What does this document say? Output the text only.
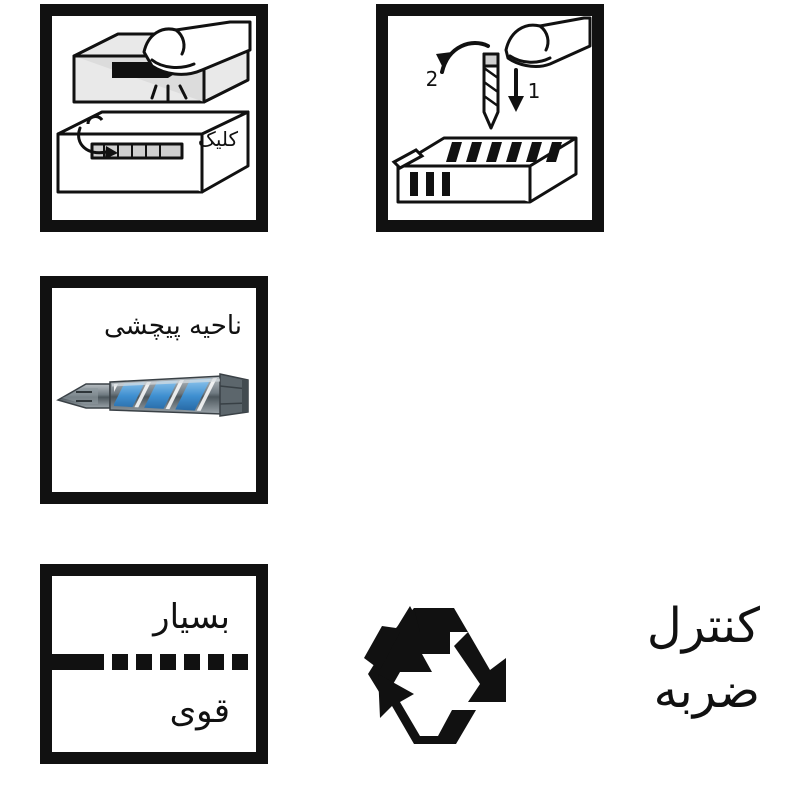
کلیک
1
2
ناحیه پیچشی
بسیار
قوی
کنترل
ضربه
